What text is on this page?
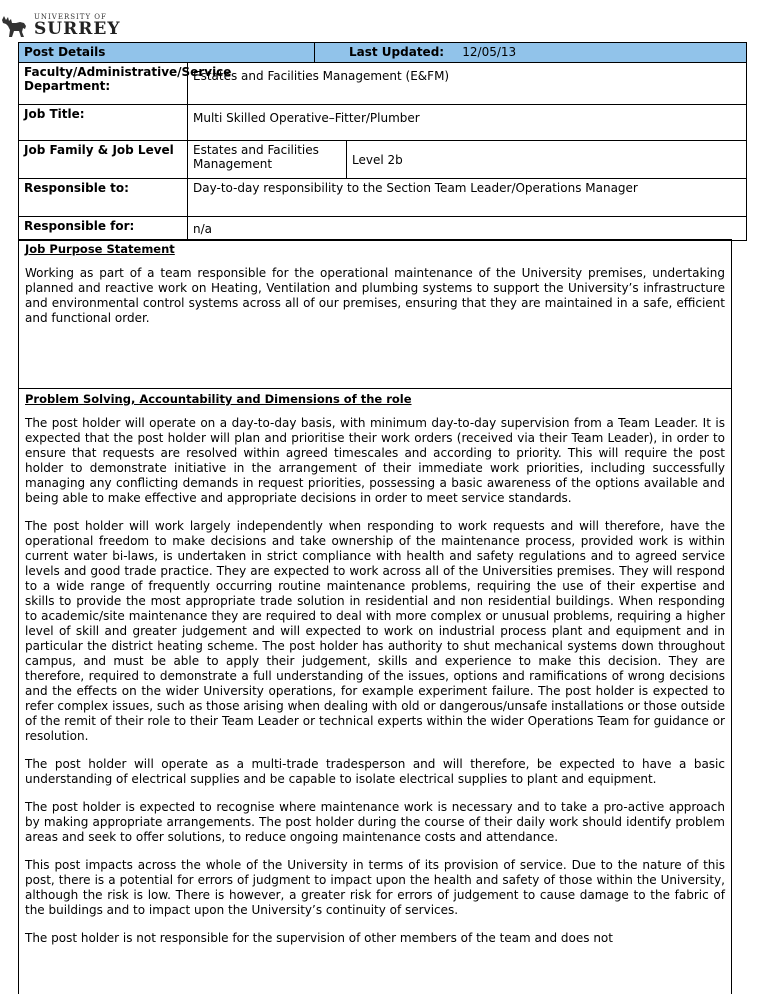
UNIVERSITY OF
SURREY
Post Details		Last Updated: 12/05/13	
Faculty/Administrative/Service Department:	Estates and Facilities Management (E&FM)		
Job Title:	Multi Skilled Operative–Fitter/Plumber		
Job Family & Job Level	Estates and Facilities Management		Level 2b
Responsible to:	Day-to-day responsibility to the Section Team Leader/Operations Manager		
Responsible for:	n/a		
Job Purpose Statement

Working as part of a team responsible for the operational maintenance of the University premises, undertaking planned and reactive work on Heating, Ventilation and plumbing systems to support the University’s infrastructure and environmental control systems across all of our premises, ensuring that they are maintained in a safe, efficient and functional order.

Problem Solving, Accountability and Dimensions of the role

The post holder will operate on a day-to-day basis, with minimum day-to-day supervision from a Team Leader. It is expected that the post holder will plan and prioritise their work orders (received via their Team Leader), in order to ensure that requests are resolved within agreed timescales and according to priority. This will require the post holder to demonstrate initiative in the arrangement of their immediate work priorities, including successfully managing any conflicting demands in request priorities, possessing a basic awareness of the options available and being able to make effective and appropriate decisions in order to meet service standards.

The post holder will work largely independently when responding to work requests and will therefore, have the operational freedom to make decisions and take ownership of the maintenance process, provided work is within current water bi-laws, is undertaken in strict compliance with health and safety regulations and to agreed service levels and good trade practice. They are expected to work across all of the Universities premises. They will respond to a wide range of frequently occurring routine maintenance problems, requiring the use of their expertise and skills to provide the most appropriate trade solution in residential and non residential buildings. When responding to academic/site maintenance they are required to deal with more complex or unusual problems, requiring a higher level of skill and greater judgement and will expected to work on industrial process plant and equipment and in particular the district heating scheme. The post holder has authority to shut mechanical systems down throughout campus, and must be able to apply their judgement, skills and experience to make this decision. They are therefore, required to demonstrate a full understanding of the issues, options and ramifications of wrong decisions and the effects on the wider University operations, for example experiment failure. The post holder is expected to refer complex issues, such as those arising when dealing with old or dangerous/unsafe installations or those outside of the remit of their role to their Team Leader or technical experts within the wider Operations Team for guidance or resolution.

The post holder will operate as a multi-trade tradesperson and will therefore, be expected to have a basic understanding of electrical supplies and be capable to isolate electrical supplies to plant and equipment.

The post holder is expected to recognise where maintenance work is necessary and to take a pro-active approach by making appropriate arrangements. The post holder during the course of their daily work should identify problem areas and seek to offer solutions, to reduce ongoing maintenance costs and attendance.

This post impacts across the whole of the University in terms of its provision of service. Due to the nature of this post, there is a potential for errors of judgment to impact upon the health and safety of those within the University, although the risk is low. There is however, a greater risk for errors of judgement to cause damage to the fabric of the buildings and to impact upon the University’s continuity of services.

The post holder is not responsible for the supervision of other members of the team and does not
